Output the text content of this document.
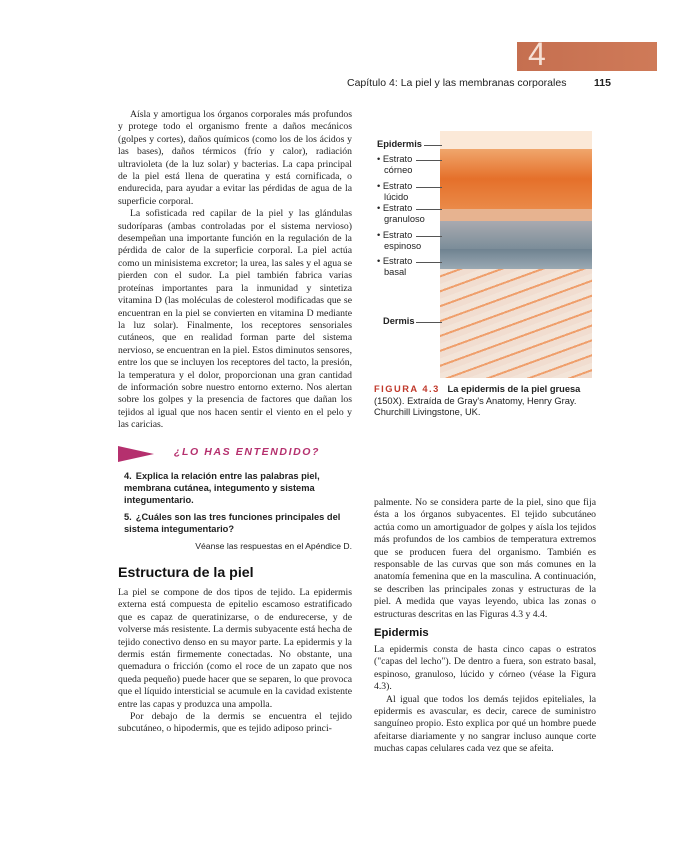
4
Capítulo 4: La piel y las membranas corporales	115

Aísla y amortigua los órganos corporales más profundos y protege todo el organismo frente a daños mecánicos (golpes y cortes), daños químicos (como los de los ácidos y las bases), daños térmicos (frío y calor), radiación ultravioleta (de la luz solar) y bacterias. La capa principal de la piel está llena de queratina y está cornificada, o endurecida, para ayudar a evitar las pérdidas de agua de la superficie corporal.

La sofisticada red capilar de la piel y las glándulas sudoríparas (ambas controladas por el sistema nervioso) desempeñan una importante función en la regulación de la pérdida de calor de la superficie corporal. La piel actúa como un minisistema excretor; la urea, las sales y el agua se pierden con el sudor. La piel también fabrica varias proteínas importantes para la inmunidad y sintetiza vitamina D (las moléculas de colesterol modificadas que se encuentran en la piel se convierten en vitamina D mediante la luz solar). Finalmente, los receptores sensoriales cutáneos, que en realidad forman parte del sistema nervioso, se encuentran en la piel. Estos diminutos sensores, entre los que se incluyen los receptores del tacto, la presión, la temperatura y el dolor, proporcionan una gran cantidad de información sobre nuestro entorno externo. Nos alertan sobre los golpes y la presencia de factores que dañan los tejidos al igual que nos hacen sentir el viento en el pelo y las caricias.

Epidermis
• Estrato
córneo
• Estrato
lúcido
• Estrato
granuloso
• Estrato
espinoso
• Estrato
basal
Dermis
FIGURA 4.3 La epidermis de la piel gruesa (150X). Extraída de Gray's Anatomy, Henry Gray. Churchill Livingstone, UK.
¿LO HAS ENTENDIDO?
4. Explica la relación entre las palabras piel, membrana cutánea, integumento y sistema integumentario.
5. ¿Cuáles son las tres funciones principales del sistema integumentario?
Véanse las respuestas en el Apéndice D.
Estructura de la piel

La piel se compone de dos tipos de tejido. La epidermis externa está compuesta de epitelio escamoso estratificado que es capaz de queratinizarse, o de endurecerse, y de volverse más resistente. La dermis subyacente está hecha de tejido conectivo denso en su mayor parte. La epidermis y la dermis están firmemente conectadas. No obstante, una quemadura o fricción (como el roce de un zapato que nos queda pequeño) puede hacer que se separen, lo que provoca que el líquido intersticial se acumule en la cavidad existente entre las capas y produzca una ampolla.

Por debajo de la dermis se encuentra el tejido subcutáneo, o hipodermis, que es tejido adiposo princi-

palmente. No se considera parte de la piel, sino que fija ésta a los órganos subyacentes. El tejido subcutáneo actúa como un amortiguador de golpes y aísla los tejidos más profundos de los cambios de temperatura extremos que se producen fuera del organismo. También es responsable de las curvas que son más comunes en la anatomía femenina que en la masculina. A continuación, se describen las principales zonas y estructuras de la piel. A medida que vayas leyendo, ubica las zonas o estructuras descritas en las Figuras 4.3 y 4.4.

Epidermis

La epidermis consta de hasta cinco capas o estratos ("capas del lecho"). De dentro a fuera, son estrato basal, espinoso, granuloso, lúcido y córneo (véase la Figura 4.3).

Al igual que todos los demás tejidos epiteliales, la epidermis es avascular, es decir, carece de suministro sanguíneo propio. Esto explica por qué un hombre puede afeitarse diariamente y no sangrar incluso aunque corte muchas capas celulares cada vez que se afeita.
